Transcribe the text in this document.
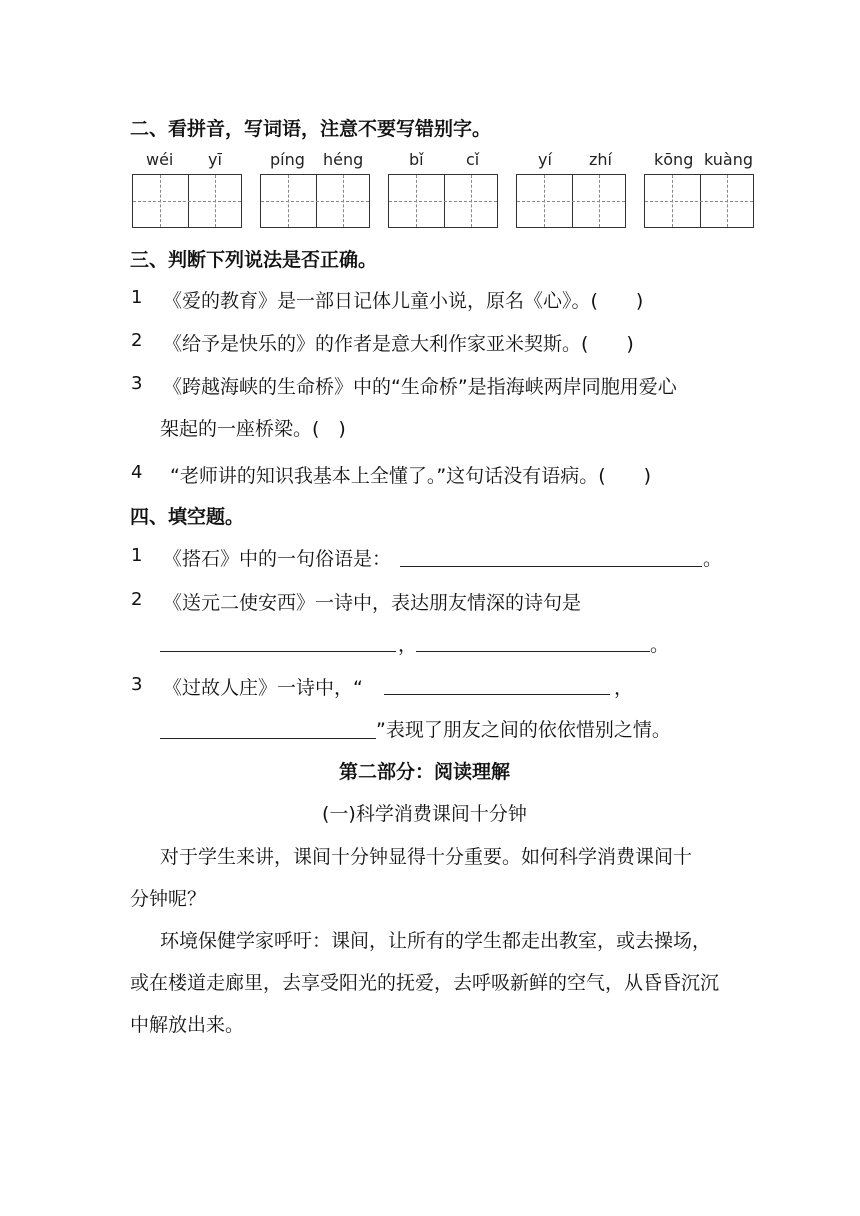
二、看拼音，写词语，注意不要写错别字。
wéi yī	píng héng	bǐ	cǐ	yí zhí	kōng kuàng
三、判断下列说法是否正确。
1 《爱的教育》是一部日记体儿童小说，原名《心》。(　　)
2 《给予是快乐的》的作者是意大利作家亚米契斯。(　　)
3 《跨越海峡的生命桥》中的“生命桥”是指海峡两岸同胞用爱心
架起的一座桥梁。(　)
4 “老师讲的知识我基本上全懂了。”这句话没有语病。(　　)
四、填空题。
1 《搭石》中的一句俗语是：	。
2 《送元二使安西》一诗中，表达朋友情深的诗句是
，	。
3 《过故人庄》一诗中，“	，
”表现了朋友之间的依依惜别之情。
第二部分：阅读理解
(一)科学消费课间十分钟
对于学生来讲，课间十分钟显得十分重要。如何科学消费课间十
分钟呢？
环境保健学家呼吁：课间，让所有的学生都走出教室，或去操场，
或在楼道走廊里，去享受阳光的抚爱，去呼吸新鲜的空气，从昏昏沉沉
中解放出来。
